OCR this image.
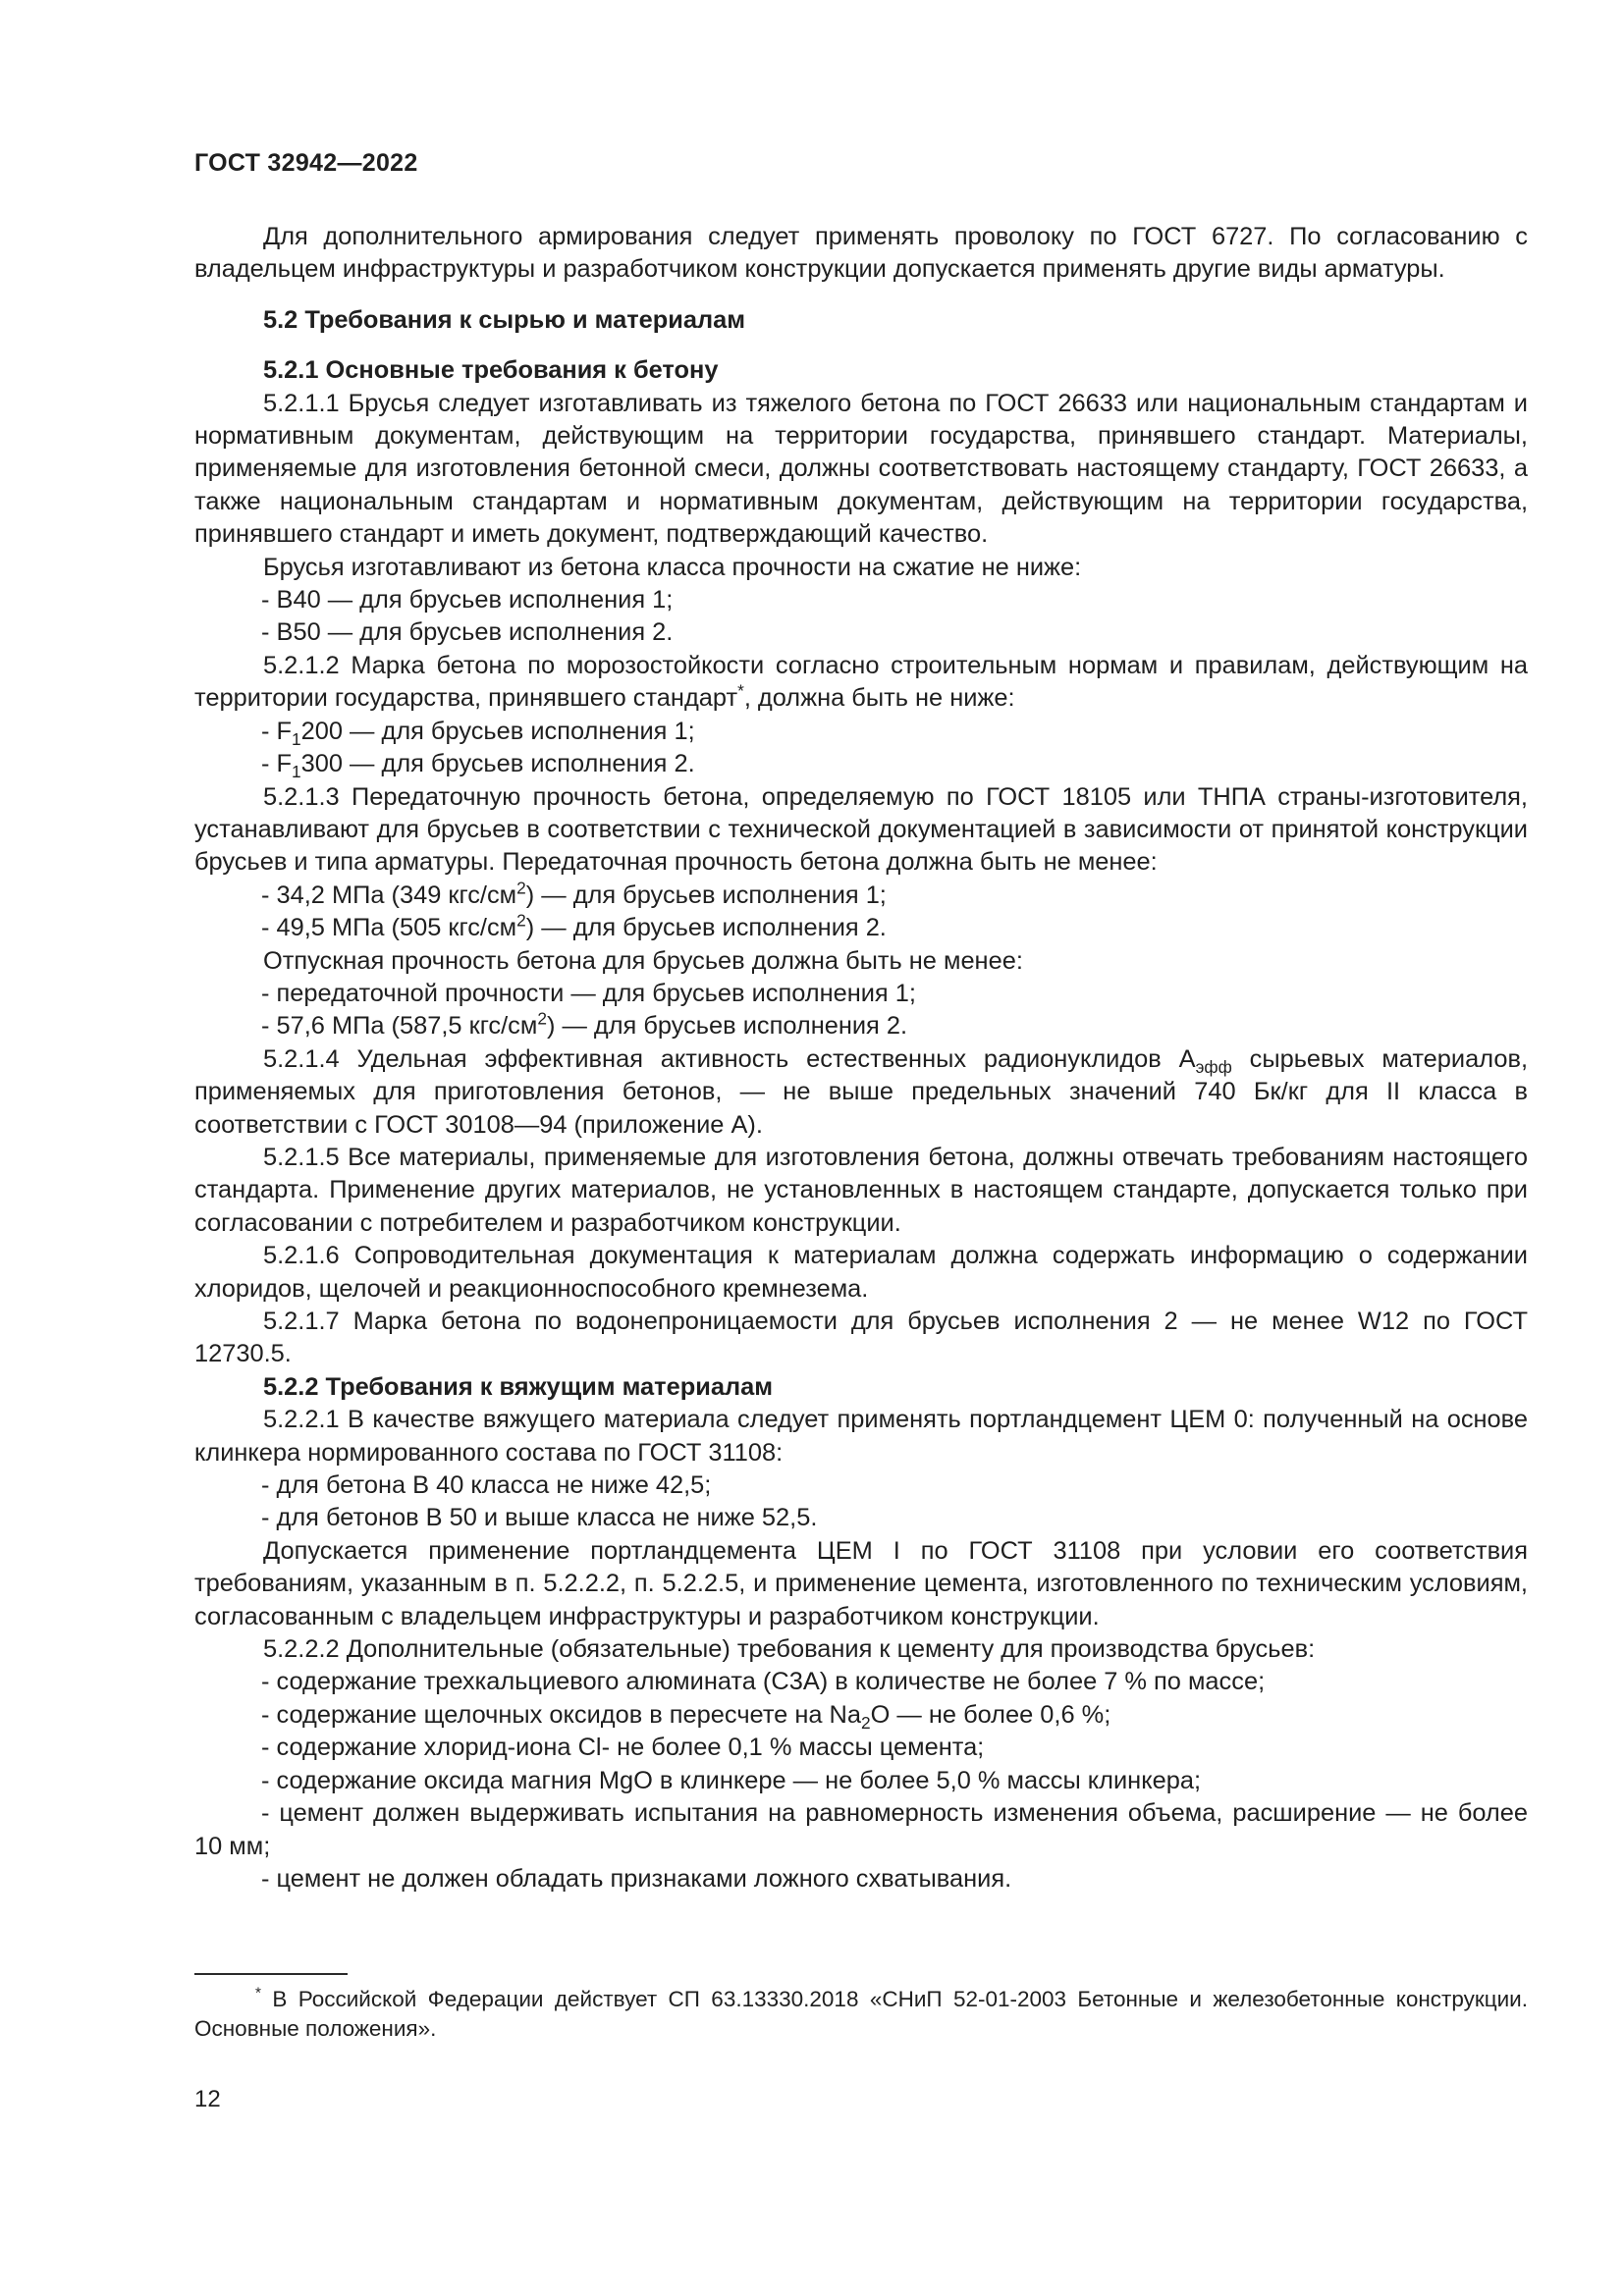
ГОСТ 32942—2022

Для дополнительного армирования следует применять проволоку по ГОСТ 6727. По согласованию с владельцем инфраструктуры и разработчиком конструкции допускается применять другие виды арматуры.

5.2 Требования к сырью и материалам

5.2.1 Основные требования к бетону

5.2.1.1 Брусья следует изготавливать из тяжелого бетона по ГОСТ 26633 или национальным стандартам и нормативным документам, действующим на территории государства, принявшего стандарт. Материалы, применяемые для изготовления бетонной смеси, должны соответствовать настоящему стандарту, ГОСТ 26633, а также национальным стандартам и нормативным документам, действующим на территории государства, принявшего стандарт и иметь документ, подтверждающий качество.

Брусья изготавливают из бетона класса прочности на сжатие не ниже:

- В40 — для брусьев исполнения 1;

- В50 — для брусьев исполнения 2.

5.2.1.2 Марка бетона по морозостойкости согласно строительным нормам и правилам, действующим на территории государства, принявшего стандарт*, должна быть не ниже:

- $F_1200$ — для брусьев исполнения 1;

- $F_1300$ — для брусьев исполнения 2.

5.2.1.3 Передаточную прочность бетона, определяемую по ГОСТ 18105 или ТНПА страны-изготовителя, устанавливают для брусьев в соответствии с технической документацией в зависимости от принятой конструкции брусьев и типа арматуры. Передаточная прочность бетона должна быть не менее:

- 34,2 МПа (349 кгс/$см^2$) — для брусьев исполнения 1;

- 49,5 МПа (505 кгс/$см^2$) — для брусьев исполнения 2.

Отпускная прочность бетона для брусьев должна быть не менее:

- передаточной прочности — для брусьев исполнения 1;

- 57,6 МПа (587,5 кгс/$см^2$) — для брусьев исполнения 2.

5.2.1.4 Удельная эффективная активность естественных радионуклидов $A_{эфф}$ сырьевых материалов, применяемых для приготовления бетонов, — не выше предельных значений 740 Бк/кг для II класса в соответствии с ГОСТ 30108—94 (приложение А).

5.2.1.5 Все материалы, применяемые для изготовления бетона, должны отвечать требованиям настоящего стандарта. Применение других материалов, не установленных в настоящем стандарте, допускается только при согласовании с потребителем и разработчиком конструкции.

5.2.1.6 Сопроводительная документация к материалам должна содержать информацию о содержании хлоридов, щелочей и реакционноспособного кремнезема.

5.2.1.7 Марка бетона по водонепроницаемости для брусьев исполнения 2 — не менее W12 по ГОСТ 12730.5.

5.2.2 Требования к вяжущим материалам

5.2.2.1 В качестве вяжущего материала следует применять портландцемент ЦЕМ 0: полученный на основе клинкера нормированного состава по ГОСТ 31108:

- для бетона В 40 класса не ниже 42,5;

- для бетонов В 50 и выше класса не ниже 52,5.

Допускается применение портландцемента ЦЕМ I по ГОСТ 31108 при условии его соответствия требованиям, указанным в п. 5.2.2.2, п. 5.2.2.5, и применение цемента, изготовленного по техническим условиям, согласованным с владельцем инфраструктуры и разработчиком конструкции.

5.2.2.2 Дополнительные (обязательные) требования к цементу для производства брусьев:

- содержание трехкальциевого алюмината (С3А) в количестве не более 7 % по массе;

- содержание щелочных оксидов в пересчете на $Na_2O$ — не более 0,6 %;

- содержание хлорид-иона Cl- не более 0,1 % массы цемента;

- содержание оксида магния MgO в клинкере — не более 5,0 % массы клинкера;

- цемент должен выдерживать испытания на равномерность изменения объема, расширение — не более 10 мм;

- цемент не должен обладать признаками ложного схватывания.

* В Российской Федерации действует СП 63.13330.2018 «СНиП 52-01-2003 Бетонные и железобетонные конструкции. Основные положения».

12
